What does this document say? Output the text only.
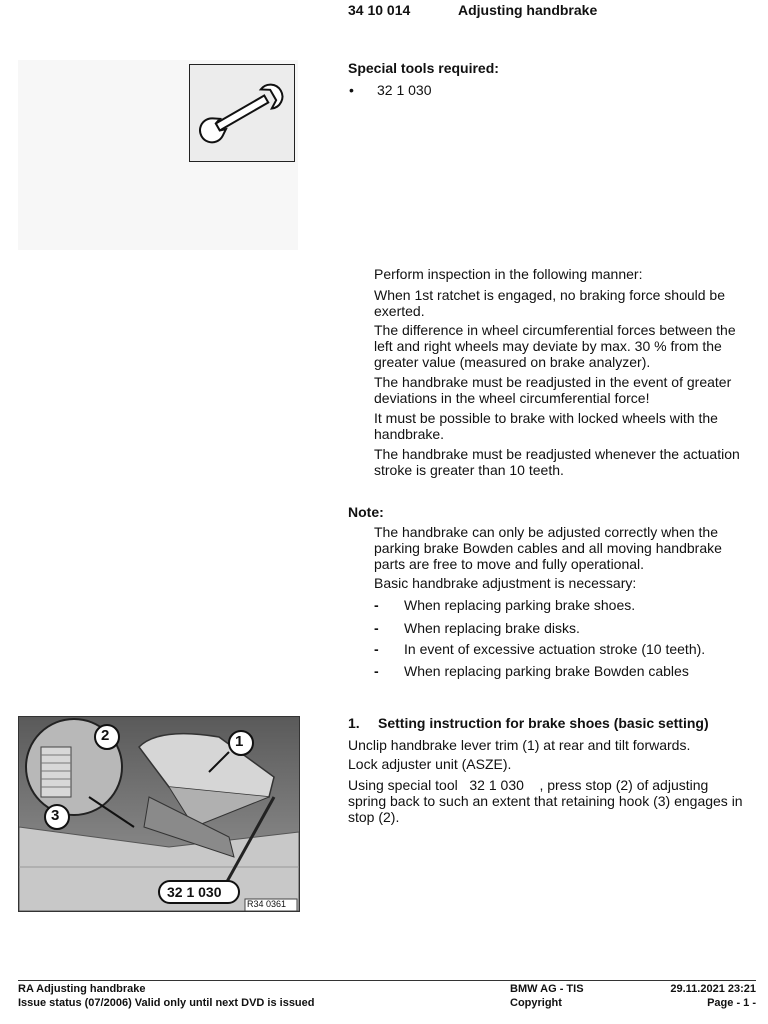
34 10 014	Adjusting handbrake
Special tools required:
• 32 1 030
Perform inspection in the following manner:
When 1st ratchet is engaged, no braking force should be exerted.
The difference in wheel circumferential forces between the left and right wheels may deviate by max. 30 % from the greater value (measured on brake analyzer).
The handbrake must be readjusted in the event of greater deviations in the wheel circumferential force!
It must be possible to brake with locked wheels with the handbrake.
The handbrake must be readjusted whenever the actuation stroke is greater than 10 teeth.
Note:
The handbrake can only be adjusted correctly when the parking brake Bowden cables and all moving handbrake parts are free to move and fully operational.
Basic handbrake adjustment is necessary:
- When replacing parking brake shoes.
- When replacing brake disks.
- In event of excessive actuation stroke (10 teeth).
- When replacing parking brake Bowden cables
1. Setting instruction for brake shoes (basic setting)
Unclip handbrake lever trim (1) at rear and tilt forwards.
Lock adjuster unit (ASZE).
Using special tool   32 1 030    , press stop (2) of adjusting spring back to such an extent that retaining hook (3) engages in stop (2).
2	1
3
32 1 030
R34 0361
RA Adjusting handbrake
Issue status (07/2006) Valid only until next DVD is issued
BMW AG - TIS
Copyright
29.11.2021 23:21
Page - 1 -
